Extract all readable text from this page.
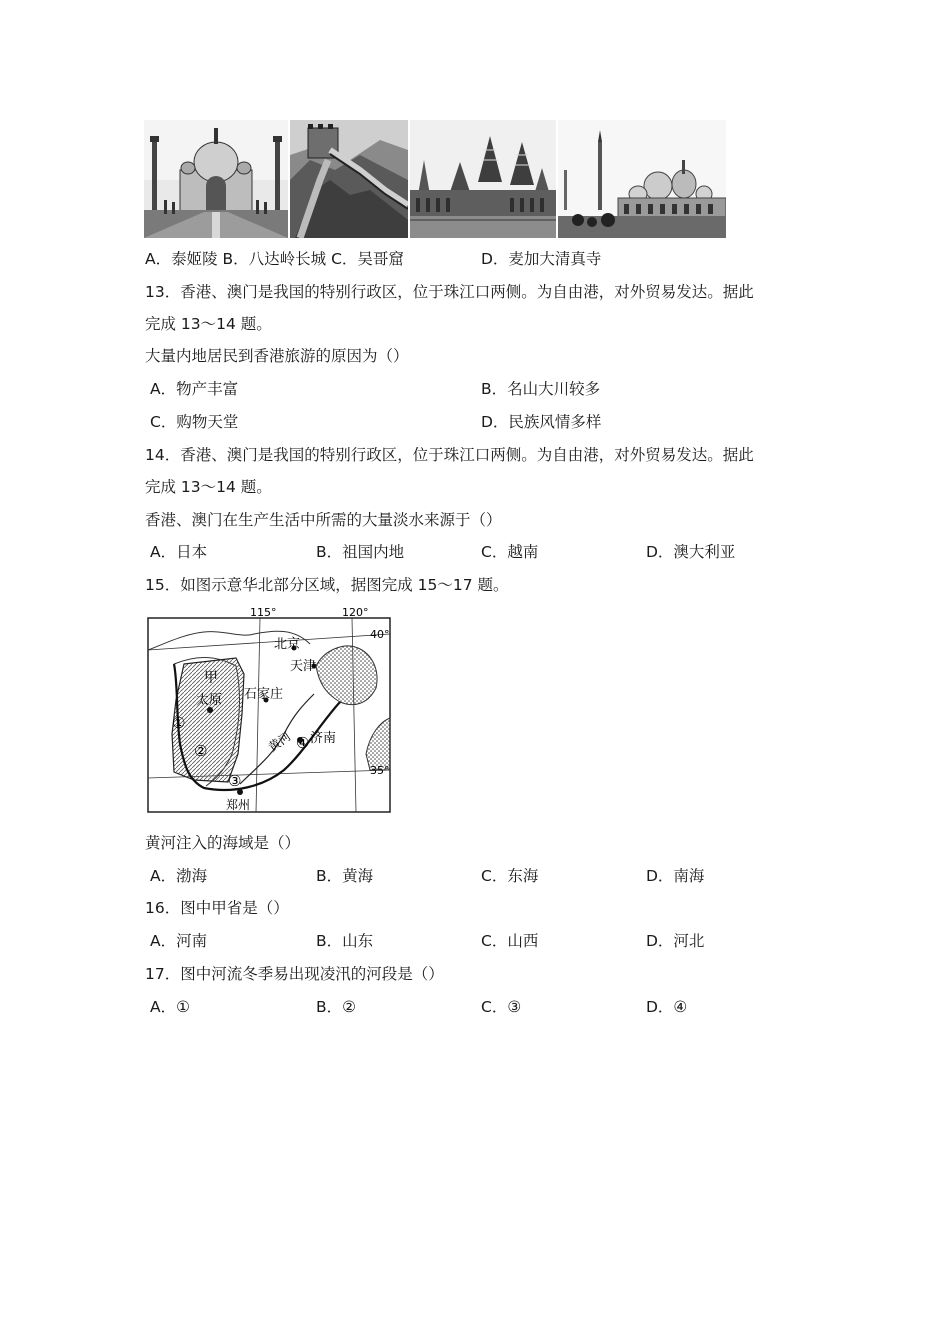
A．泰姬陵 B．八达岭长城 C．吴哥窟	D．麦加大清真寺
13．香港、澳门是我国的特别行政区，位于珠江口两侧。为自由港，对外贸易发达。据此
完成 13～14 题。
大量内地居民到香港旅游的原因为（）
A．物产丰富	B．名山大川较多
C．购物天堂	D．民族风情多样
14．香港、澳门是我国的特别行政区，位于珠江口两侧。为自由港，对外贸易发达。据此
完成 13～14 题。
香港、澳门在生产生活中所需的大量淡水来源于（）
A．日本	B．祖国内地	C．越南	D．澳大利亚
15．如图示意华北部分区域，据图完成 15～17 题。
115°	120°
40°
35°
北京
天津
甲
太原 石家庄
济南
郑州
黄河
①
②
③
④
黄河注入的海域是（）
A．渤海	B．黄海	C．东海	D．南海
16．图中甲省是（）
A．河南	B．山东	C．山西	D．河北
17．图中河流冬季易出现凌汛的河段是（）
A．①	B．②	C．③	D．④
